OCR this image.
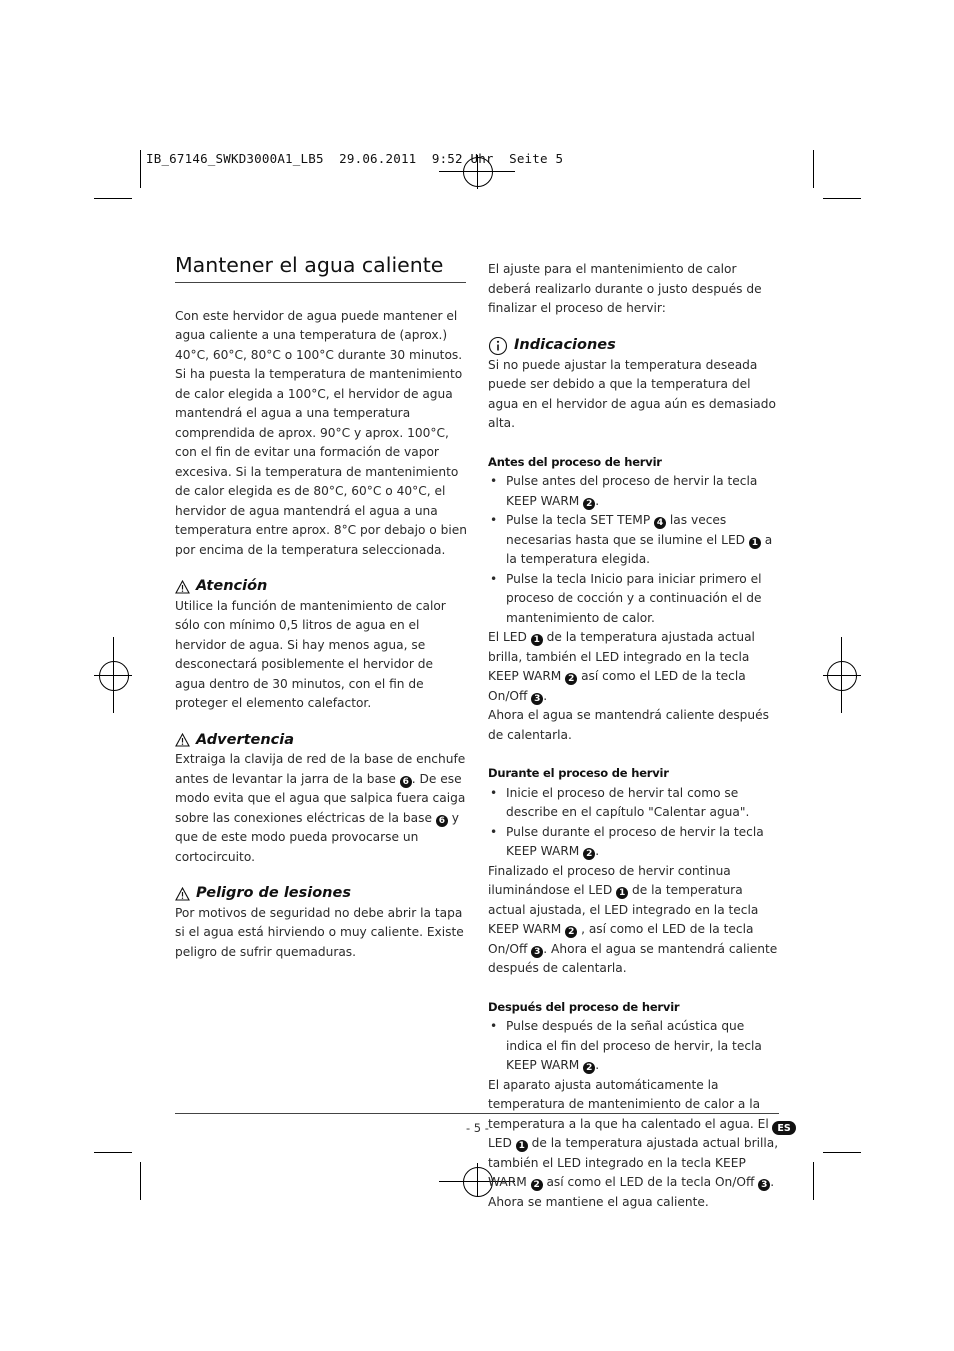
IB_67146_SWKD3000A1_LB5  29.06.2011  9:52 Uhr  Seite 5
Mantener el agua caliente

Con este hervidor de agua puede mantener el agua caliente a una temperatura de (aprox.) 40°C, 60°C, 80°C o 100°C durante 30 minutos. Si ha puesta la temperatura de mantenimiento de calor elegida a 100°C, el hervidor de agua mantendrá el agua a una temperatura comprendida de aprox. 90°C y aprox. 100°C, con el fin de evitar una formación de vapor excesiva. Si la temperatura de mantenimiento de calor elegida es de 80°C, 60°C o 40°C, el hervidor de agua mantendrá el agua a una temperatura entre aprox. 8°C por debajo o bien por encima de la temperatura seleccionada.

Atención

Utilice la función de mantenimiento de calor sólo con mínimo 0,5 litros de agua en el hervidor de agua. Si hay menos agua, se desconectará posiblemente el hervidor de agua dentro de 30 minutos, con el fin de proteger el elemento calefactor.

Advertencia

Extraiga la clavija de red de la base de enchufe antes de levantar la jarra de la base 6 . De ese modo evita que el agua que salpica fuera caiga sobre las conexiones eléctricas de la base 6 y que de este modo pueda provocarse un cortocircuito.

Peligro de lesiones

Por motivos de seguridad no debe abrir la tapa si el agua está hirviendo o muy caliente. Existe peligro de sufrir quemaduras.

El ajuste para el mantenimiento de calor deberá realizarlo durante o justo después de finalizar el proceso de hervir:

Indicaciones

Si no puede ajustar la temperatura deseada puede ser debido a que la temperatura del agua en el hervidor de agua aún es demasiado alta.

Antes del proceso de hervir

• Pulse antes del proceso de hervir la tecla KEEP WARM 2 .
• Pulse la tecla SET TEMP 4 las veces necesarias hasta que se ilumine el LED 1 a la temperatura elegida.
• Pulse la tecla Inicio para iniciar primero el proceso de cocción y a continuación el de mantenimiento de calor.

El LED 1 de la temperatura ajustada actual brilla, también el LED integrado en la tecla KEEP WARM 2 así como el LED de la tecla On/Off 3 .

Ahora el agua se mantendrá caliente después de calentarla.

Durante el proceso de hervir

• Inicie el proceso de hervir tal como se describe en el capítulo "Calentar agua".
• Pulse durante el proceso de hervir la tecla KEEP WARM 2 .

Finalizado el proceso de hervir continua iluminándose el LED 1 de la temperatura actual ajustada, el LED integrado en la tecla KEEP WARM 2 , así como el LED de la tecla On/Off 3 . Ahora el agua se mantendrá caliente después de calentarla.

Después del proceso de hervir

• Pulse después de la señal acústica que indica el fin del proceso de hervir, la tecla KEEP WARM 2 .

El aparato ajusta automáticamente la temperatura de mantenimiento de calor a la temperatura a la que ha calentado el agua. El LED 1 de la temperatura ajustada actual brilla, también el LED integrado en la tecla KEEP WARM 2 así como el LED de la tecla On/Off 3 . Ahora se mantiene el agua caliente.

- 5 -	ES
